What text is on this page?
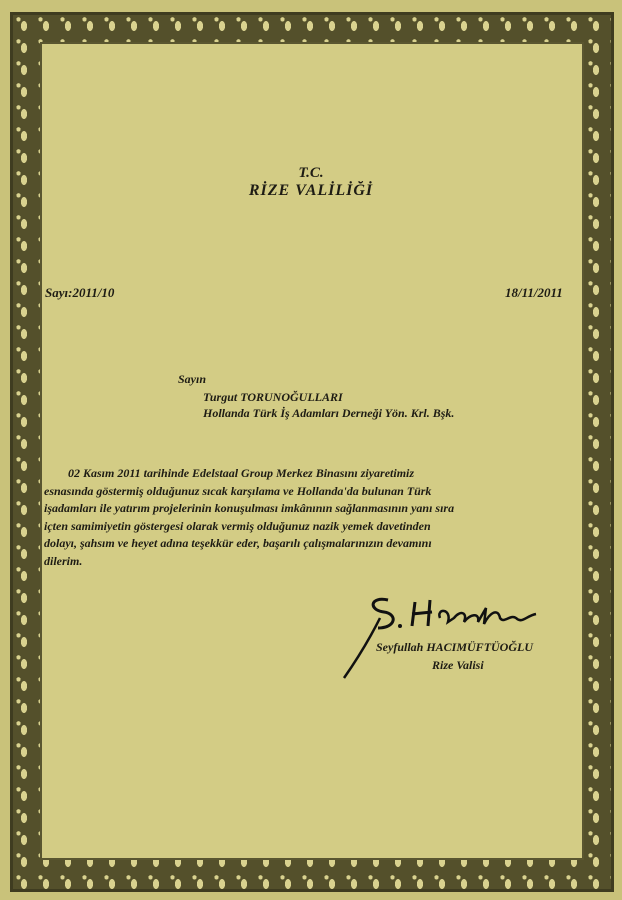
T.C.
RİZE VALİLİĞİ
Sayı:2011/10	18/11/2011
Sayın
Turgut TORUNOĞULLARI
Hollanda Türk İş Adamları Derneği Yön. Krl. Bşk.
02 Kasım 2011 tarihinde Edelstaal Group Merkez Binasını ziyaretimiz
esnasında göstermiş olduğunuz sıcak karşılama ve Hollanda'da bulunan Türk
işadamları ile yatırım projelerinin konuşulması imkânının sağlanmasının yanı sıra
içten samimiyetin göstergesi olarak vermiş olduğunuz nazik yemek davetinden
dolayı, şahsım ve heyet adına teşekkür eder, başarılı çalışmalarınızın devamını
dilerim.
Seyfullah HACIMÜFTÜOĞLU
Rize Valisi
